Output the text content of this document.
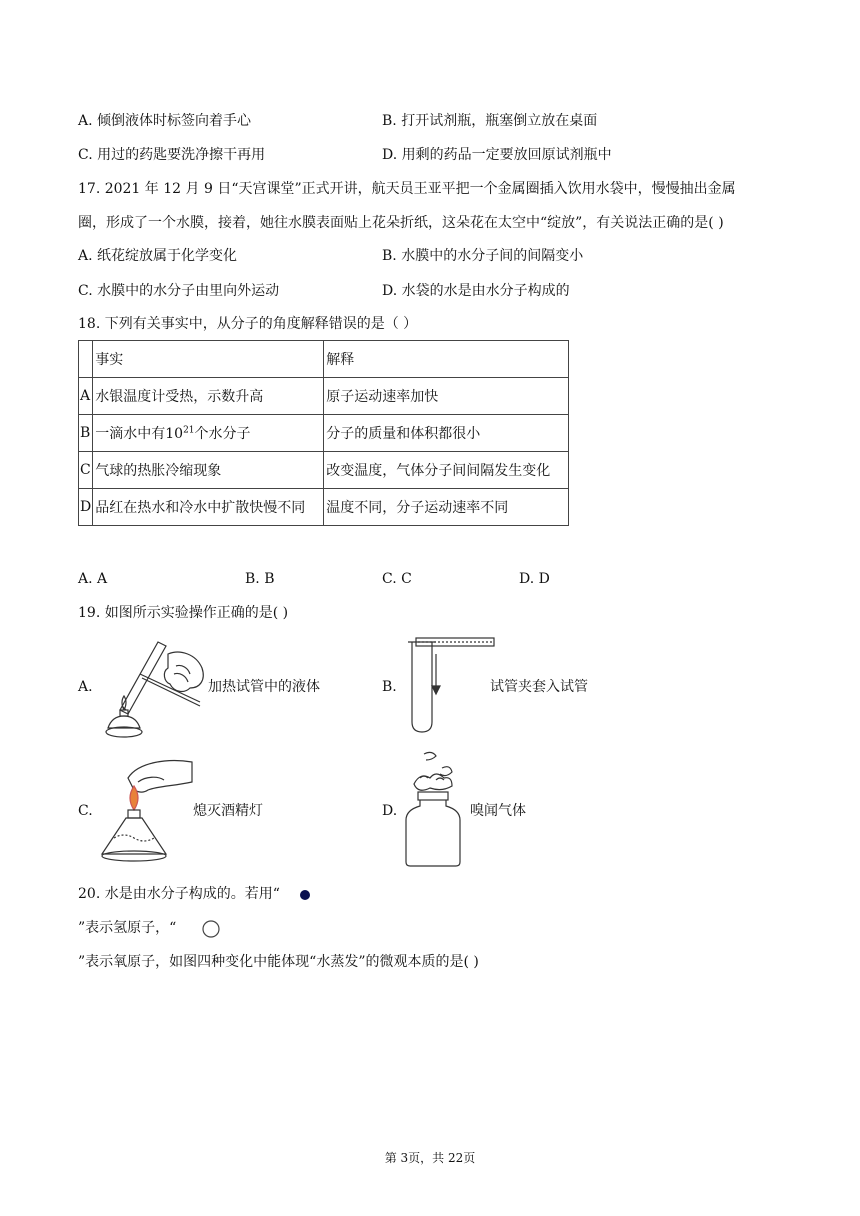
A. 倾倒液体时标签向着手心	B. 打开试剂瓶，瓶塞倒立放在桌面
C. 用过的药匙要洗净擦干再用	D. 用剩的药品一定要放回原试剂瓶中
17. 2021 年 12 月 9 日“天宫课堂”正式开讲，航天员王亚平把一个金属圈插入饮用水袋中，慢慢抽出金属
圈，形成了一个水膜，接着，她往水膜表面贴上花朵折纸，这朵花在太空中“绽放”，有关说法正确的是( )
A. 纸花绽放属于化学变化	B. 水膜中的水分子间的间隔变小
C. 水膜中的水分子由里向外运动	D. 水袋的水是由水分子构成的
18. 下列有关事实中，从分子的角度解释错误的是（ ）
	事实	解释
A	水银温度计受热，示数升高	原子运动速率加快
B	一滴水中有$10^{21}$个水分子	分子的质量和体积都很小
C	气球的热胀冷缩现象	改变温度，气体分子间间隔发生变化
D	品红在热水和冷水中扩散快慢不同	温度不同，分子运动速率不同
A. A	B. B	C. C	D. D
19. 如图所示实验操作正确的是( )
A.	加热试管中的液体	B.	试管夹套入试管
C.	熄灭酒精灯	D.	嗅闻气体
20. 水是由水分子构成的。若用“
”表示氢原子，“
”表示氧原子，如图四种变化中能体现“水蒸发”的微观本质的是( )
第 3页，共 22页
